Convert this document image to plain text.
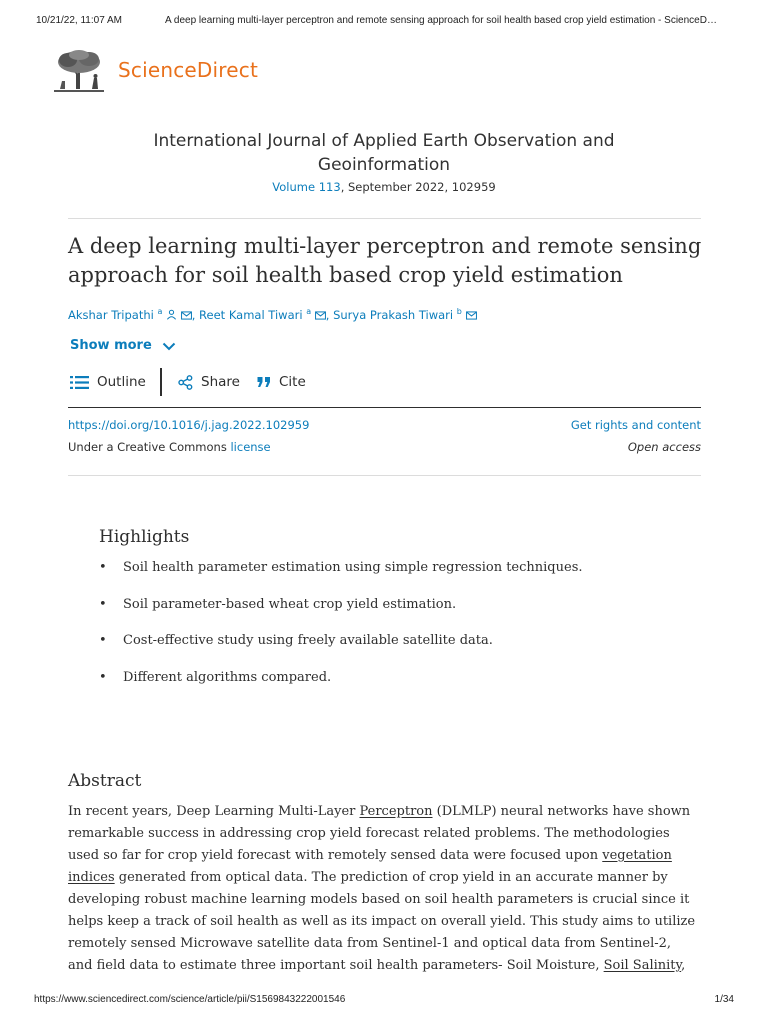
10/21/22, 11:07 AM	A deep learning multi-layer perceptron and remote sensing approach for soil health based crop yield estimation - ScienceD…
ScienceDirect
International Journal of Applied Earth Observation and
Geoinformation
Volume 113, September 2022, 102959
A deep learning multi-layer perceptron and remote sensing
approach for soil health based crop yield estimation
Akshar Tripathi $^a$	, Reet Kamal Tiwari $^a$ , Surya Prakash Tiwari $^b$
Show more
Outline	Share	Cite
https://doi.org/10.1016/j.jag.2022.102959	Get rights and content
Under a Creative Commons license	Open access
Highlights
• Soil health parameter estimation using simple regression techniques.
• Soil parameter-based wheat crop yield estimation.
• Cost-effective study using freely available satellite data.
• Different algorithms compared.
Abstract
In recent years, Deep Learning Multi-Layer Perceptron (DLMLP) neural networks have shown
remarkable success in addressing crop yield forecast related problems. The methodologies
used so far for crop yield forecast with remotely sensed data were focused upon vegetation
indices generated from optical data. The prediction of crop yield in an accurate manner by
developing robust machine learning models based on soil health parameters is crucial since it
helps keep a track of soil health as well as its impact on overall yield. This study aims to utilize
remotely sensed Microwave satellite data from Sentinel-1 and optical data from Sentinel-2,
and field data to estimate three important soil health parameters- Soil Moisture, Soil Salinity,
https://www.sciencedirect.com/science/article/pii/S1569843222001546	1/34
